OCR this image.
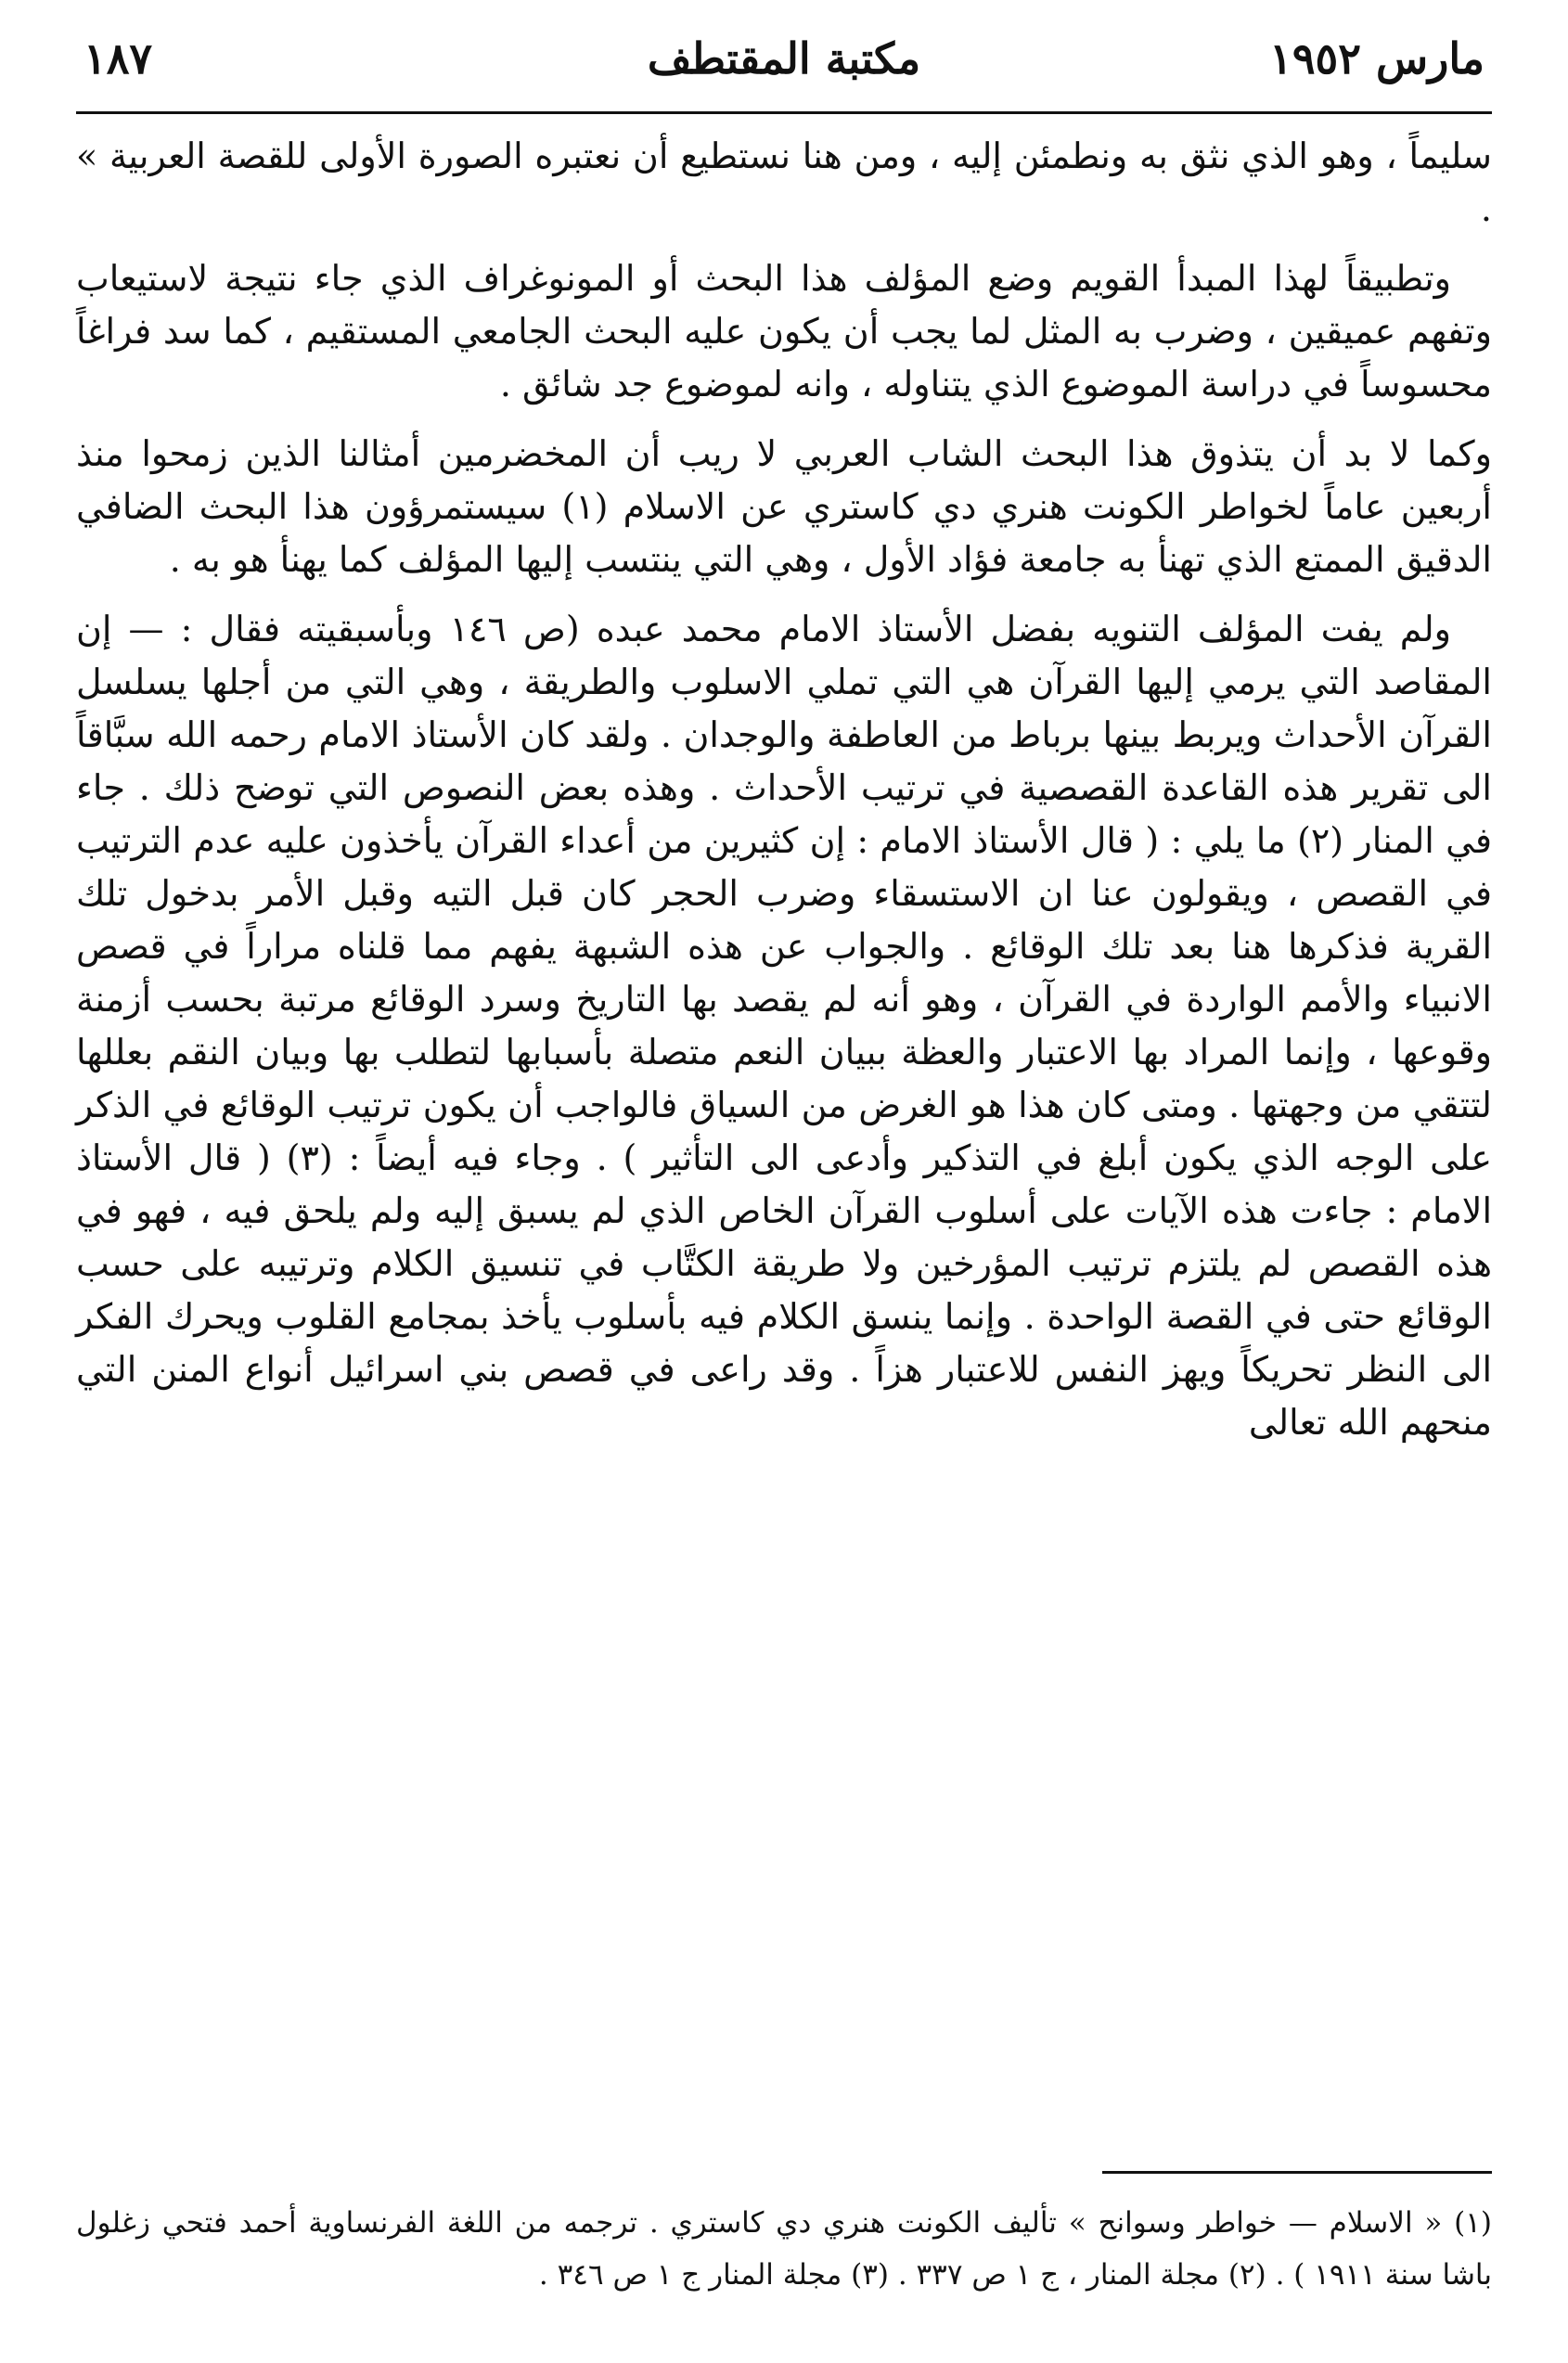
مارس ١٩٥٢
مكتبة المقتطف
١٨٧

سليماً ، وهو الذي نثق به ونطمئن إليه ، ومن هنا نستطيع أن نعتبره الصورة الأولى للقصة العربية » .

وتطبيقاً لهذا المبدأ القويم وضع المؤلف هذا البحث أو المونوغراف الذي جاء نتيجة لاستيعاب وتفهم عميقين ، وضرب به المثل لما يجب أن يكون عليه البحث الجامعي المستقيم ، كما سد فراغاً محسوساً في دراسة الموضوع الذي يتناوله ، وانه لموضوع جد شائق .

وكما لا بد أن يتذوق هذا البحث الشاب العربي لا ريب أن المخضرمين أمثالنا الذين زمحوا منذ أربعين عاماً لخواطر الكونت هنري دي كاستري عن الاسلام (١) سيستمرؤون هذا البحث الضافي الدقيق الممتع الذي تهنأ به جامعة فؤاد الأول ، وهي التي ينتسب إليها المؤلف كما يهنأ هو به .

ولم يفت المؤلف التنويه بفضل الأستاذ الامام محمد عبده (ص ١٤٦ وبأسبقيته فقال : — إن المقاصد التي يرمي إليها القرآن هي التي تملي الاسلوب والطريقة ، وهي التي من أجلها يسلسل القرآن الأحداث ويربط بينها برباط من العاطفة والوجدان . ولقد كان الأستاذ الامام رحمه الله سبَّاقاً الى تقرير هذه القاعدة القصصية في ترتيب الأحداث . وهذه بعض النصوص التي توضح ذلك . جاء في المنار (٢) ما يلي : ( قال الأستاذ الامام : إن كثيرين من أعداء القرآن يأخذون عليه عدم الترتيب في القصص ، ويقولون عنا ان الاستسقاء وضرب الحجر كان قبل التيه وقبل الأمر بدخول تلك القرية فذكرها هنا بعد تلك الوقائع . والجواب عن هذه الشبهة يفهم مما قلناه مراراً في قصص الانبياء والأمم الواردة في القرآن ، وهو أنه لم يقصد بها التاريخ وسرد الوقائع مرتبة بحسب أزمنة وقوعها ، وإنما المراد بها الاعتبار والعظة ببيان النعم متصلة بأسبابها لتطلب بها وبيان النقم بعللها لتتقي من وجهتها . ومتى كان هذا هو الغرض من السياق فالواجب أن يكون ترتيب الوقائع في الذكر على الوجه الذي يكون أبلغ في التذكير وأدعى الى التأثير ) . وجاء فيه أيضاً : (٣) ( قال الأستاذ الامام : جاءت هذه الآيات على أسلوب القرآن الخاص الذي لم يسبق إليه ولم يلحق فيه ، فهو في هذه القصص لم يلتزم ترتيب المؤرخين ولا طريقة الكتَّاب في تنسيق الكلام وترتيبه على حسب الوقائع حتى في القصة الواحدة . وإنما ينسق الكلام فيه بأسلوب يأخذ بمجامع القلوب ويحرك الفكر الى النظر تحريكاً ويهز النفس للاعتبار هزاً . وقد راعى في قصص بني اسرائيل أنواع المنن التي منحهم الله تعالى

(١) « الاسلام — خواطر وسوانح » تأليف الكونت هنري دي كاستري . ترجمه من اللغة الفرنساوية أحمد فتحي زغلول باشا سنة ١٩١١ ) . (٢) مجلة المنار ، ج ١ ص ٣٣٧ . (٣) مجلة المنار ج ١ ص ٣٤٦ .
